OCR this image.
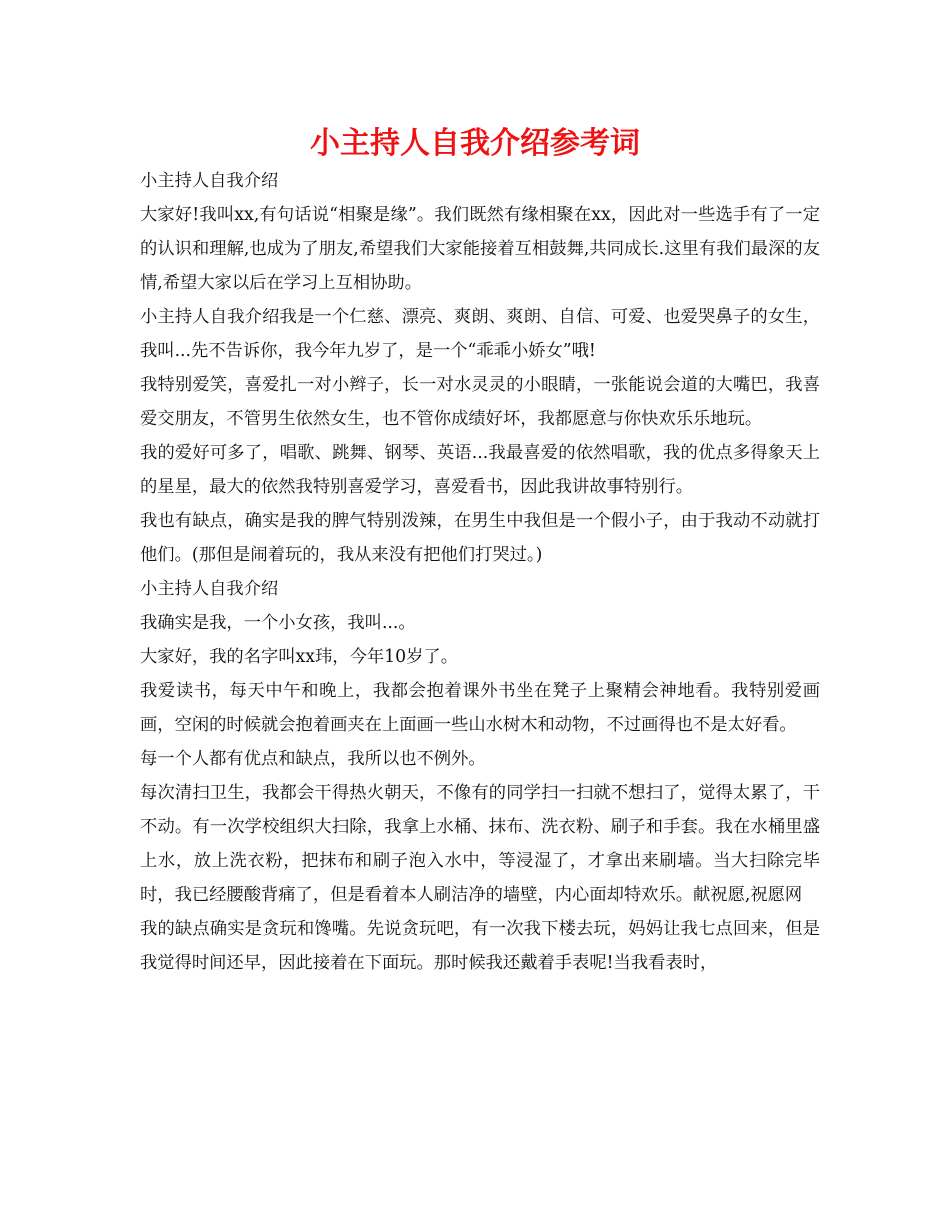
小主持人自我介绍参考词

小主持人自我介绍

大家好!我叫xx,有句话说“相聚是缘”。我们既然有缘相聚在xx，因此对一些选手有了一定的认识和理解,也成为了朋友,希望我们大家能接着互相鼓舞,共同成长.这里有我们最深的友情,希望大家以后在学习上互相协助。

小主持人自我介绍我是一个仁慈、漂亮、爽朗、爽朗、自信、可爱、也爱哭鼻子的女生，我叫...先不告诉你，我今年九岁了，是一个“乖乖小娇女”哦!

我特别爱笑，喜爱扎一对小辫子，长一对水灵灵的小眼睛，一张能说会道的大嘴巴，我喜爱交朋友，不管男生依然女生，也不管你成绩好坏，我都愿意与你快欢乐乐地玩。

我的爱好可多了，唱歌、跳舞、钢琴、英语...我最喜爱的依然唱歌，我的优点多得象天上的星星，最大的依然我特别喜爱学习，喜爱看书，因此我讲故事特别行。

我也有缺点，确实是我的脾气特别泼辣，在男生中我但是一个假小子，由于我动不动就打他们。(那但是闹着玩的，我从来没有把他们打哭过。)

小主持人自我介绍

我确实是我，一个小女孩，我叫...。

大家好，我的名字叫xx玮，今年10岁了。

我爱读书，每天中午和晚上，我都会抱着课外书坐在凳子上聚精会神地看。我特别爱画画，空闲的时候就会抱着画夹在上面画一些山水树木和动物，不过画得也不是太好看。

每一个人都有优点和缺点，我所以也不例外。

每次清扫卫生，我都会干得热火朝天，不像有的同学扫一扫就不想扫了，觉得太累了，干不动。有一次学校组织大扫除，我拿上水桶、抹布、洗衣粉、刷子和手套。我在水桶里盛上水，放上洗衣粉，把抹布和刷子泡入水中，等浸湿了，才拿出来刷墙。当大扫除完毕时，我已经腰酸背痛了，但是看着本人刷洁净的墙壁，内心面却特欢乐。献祝愿,祝愿网

我的缺点确实是贪玩和馋嘴。先说贪玩吧，有一次我下楼去玩，妈妈让我七点回来，但是我觉得时间还早，因此接着在下面玩。那时候我还戴着手表呢!当我看表时，
